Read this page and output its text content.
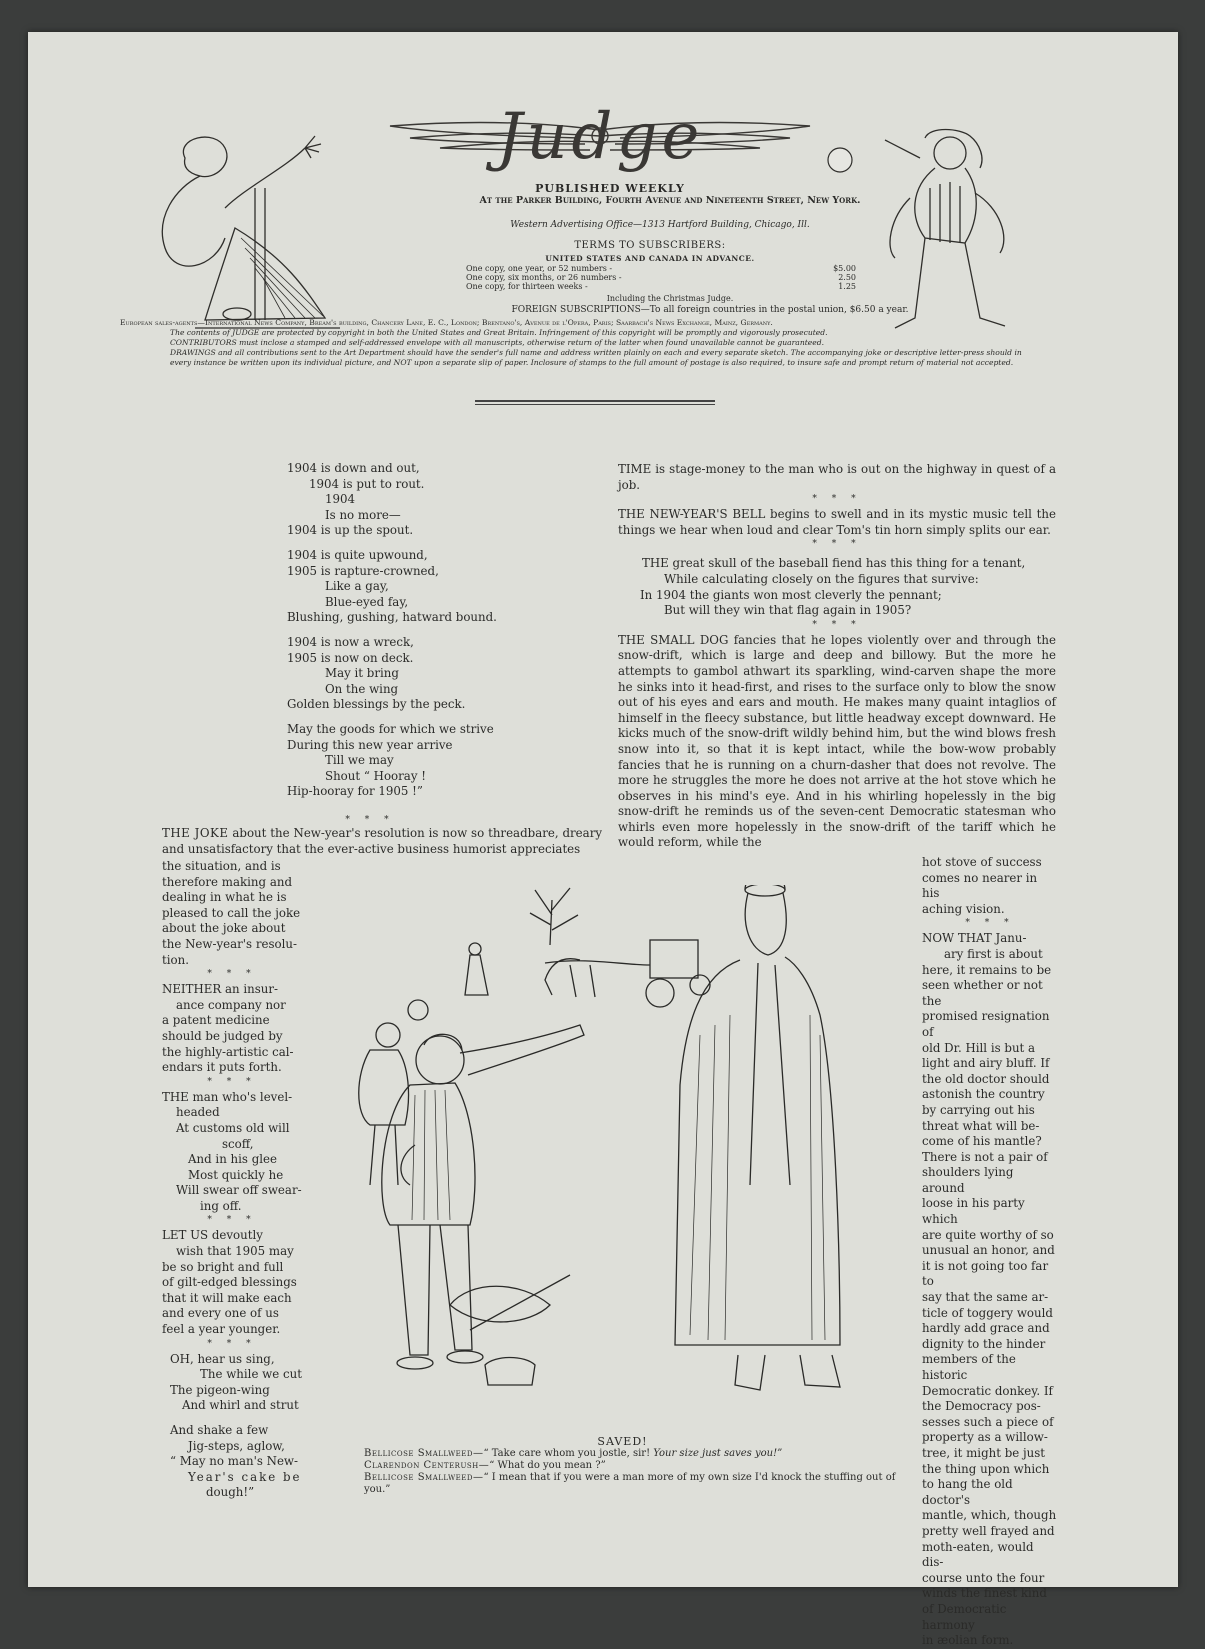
Judge
PUBLISHED WEEKLY
At the Parker Building, Fourth Avenue and Nineteenth Street, New York.
Western Advertising Office—1313 Hartford Building, Chicago, Ill.
TERMS TO SUBSCRIBERS:
UNITED STATES AND CANADA IN ADVANCE.
One copy, one year, or 52 numbers -	$5.00
One copy, six months, or 26 numbers -	2.50
One copy, for thirteen weeks -	1.25
Including the Christmas Judge.
FOREIGN SUBSCRIPTIONS—To all foreign countries in the postal union, $6.50 a year.
European sales-agents—International News Company, Bream's building, Chancery Lane, E. C., London; Brentano's, Avenue de l'Opera, Paris; Saarbach's News Exchange, Mainz, Germany.
The contents of JUDGE are protected by copyright in both the United States and Great Britain. Infringement of this copyright will be promptly and vigorously prosecuted.
CONTRIBUTORS must inclose a stamped and self-addressed envelope with all manuscripts, otherwise return of the latter when found unavailable cannot be guaranteed.
DRAWINGS and all contributions sent to the Art Department should have the sender's full name and address written plainly on each and every separate sketch. The accompanying joke or descriptive letter-press should in every instance be written upon its individual picture, and NOT upon a separate slip of paper. Inclosure of stamps to the full amount of postage is also required, to insure safe and prompt return of material not accepted.

1904 is down and out,
1904 is put to rout.
1904
Is no more—
1904 is up the spout.

1904 is quite upwound,
1905 is rapture-crowned,
Like a gay,
Blue-eyed fay,
Blushing, gushing, hatward bound.

1904 is now a wreck,
1905 is now on deck.
May it bring
On the wing
Golden blessings by the peck.

May the goods for which we strive
During this new year arrive
Till we may
Shout “ Hooray !
Hip-hooray for 1905 !”

* * *

THE JOKE about the New-year's resolution is now so threadbare, dreary and unsatisfactory that the ever-active business humorist appreciates

the situation, and is
therefore making and
dealing in what he is
pleased to call the joke
about the joke about
the New-year's resolu-
tion.
* * *
NEITHER an insur-
ance company nor
a patent medicine
should be judged by
the highly-artistic cal-
endars it puts forth.
* * *
THE man who's level-
headed
At customs old will
scoff,
And in his glee
Most quickly he
Will swear off swear-
ing off.
* * *
LET US devoutly
wish that 1905 may
be so bright and full
of gilt-edged blessings
that it will make each
and every one of us
feel a year younger.
* * *
OH, hear us sing,
The while we cut
The pigeon-wing
And whirl and strut
And shake a few
Jig-steps, aglow,
“ May no man's New-
Year's cake be
dough!”

TIME is stage-money to the man who is out on the highway in quest of a job.

* * *

THE NEW-YEAR'S BELL begins to swell and in its mystic music tell the things we hear when loud and clear Tom's tin horn simply splits our ear.

* * *
THE great skull of the baseball fiend has this thing for a tenant,
While calculating closely on the figures that survive:
In 1904 the giants won most cleverly the pennant;
But will they win that flag again in 1905?
* * *

THE SMALL DOG fancies that he lopes violently over and through the snow-drift, which is large and deep and billowy. But the more he attempts to gambol athwart its sparkling, wind-carven shape the more he sinks into it head-first, and rises to the surface only to blow the snow out of his eyes and ears and mouth. He makes many quaint intaglios of himself in the fleecy substance, but little headway except downward. He kicks much of the snow-drift wildly behind him, but the wind blows fresh snow into it, so that it is kept intact, while the bow-wow probably fancies that he is running on a churn-dasher that does not revolve. The more he struggles the more he does not arrive at the hot stove which he observes in his mind's eye. And in his whirling hopelessly in the big snow-drift he reminds us of the seven-cent Democratic statesman who whirls even more hopelessly in the snow-drift of the tariff which he would reform, while the

hot stove of success
comes no nearer in his
aching vision.
* * *
NOW THAT Janu-
ary first is about
here, it remains to be
seen whether or not the
promised resignation of
old Dr. Hill is but a
light and airy bluff. If
the old doctor should
astonish the country
by carrying out his
threat what will be-
come of his mantle?
There is not a pair of
shoulders lying around
loose in his party which
are quite worthy of so
unusual an honor, and
it is not going too far to
say that the same ar-
ticle of toggery would
hardly add grace and
dignity to the hinder
members of the historic
Democratic donkey. If
the Democracy pos-
sesses such a piece of
property as a willow-
tree, it might be just
the thing upon which
to hang the old doctor's
mantle, which, though
pretty well frayed and
moth-eaten, would dis-
course unto the four
winds the finest kind
of Democratic harmony
in æolian form.
SAVED!
Bellicose Smallweed—“ Take care whom you jostle, sir! Your size just saves you!”
Clarendon Centerush—“ What do you mean ?”
Bellicose Smallweed—“ I mean that if you were a man more of my own size I'd knock the stuffing out of you.”
